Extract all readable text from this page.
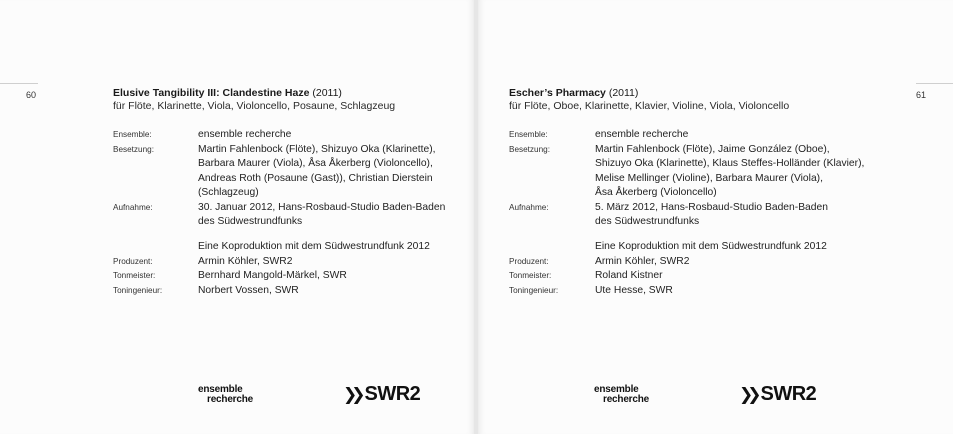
60	Elusive Tangibility III: Clandestine Haze (2011)
für Flöte, Klarinette, Viola, Violoncello, Posaune, Schlagzeug
Ensemble:	ensemble recherche
Besetzung:	Martin Fahlenbock (Flöte), Shizuyo Oka (Klarinette),
Barbara Maurer (Viola), Åsa Åkerberg (Violoncello),
Andreas Roth (Posaune (Gast)), Christian Dierstein
(Schlagzeug)
Aufnahme:	30. Januar 2012, Hans-Rosbaud-Studio Baden-Baden
des Südwestrundfunks
Eine Koproduktion mit dem Südwestrundfunk 2012
Produzent:	Armin Köhler, SWR2
Tonmeister:	Bernhard Mangold-Märkel, SWR
Toningenieur:	Norbert Vossen, SWR
ensemble
recherche	❯❯ SWR2
61
Escher’s Pharmacy (2011)
für Flöte, Oboe, Klarinette, Klavier, Violine, Viola, Violoncello
Ensemble:	ensemble recherche
Besetzung:	Martin Fahlenbock (Flöte), Jaime González (Oboe),
Shizuyo Oka (Klarinette), Klaus Steffes-Holländer (Klavier),
Melise Mellinger (Violine), Barbara Maurer (Viola),
Åsa Åkerberg (Violoncello)
Aufnahme:	5. März 2012, Hans-Rosbaud-Studio Baden-Baden
des Südwestrundfunks
Eine Koproduktion mit dem Südwestrundfunk 2012
Produzent:	Armin Köhler, SWR2
Tonmeister:	Roland Kistner
Toningenieur:	Ute Hesse, SWR
ensemble
recherche	❯❯ SWR2
